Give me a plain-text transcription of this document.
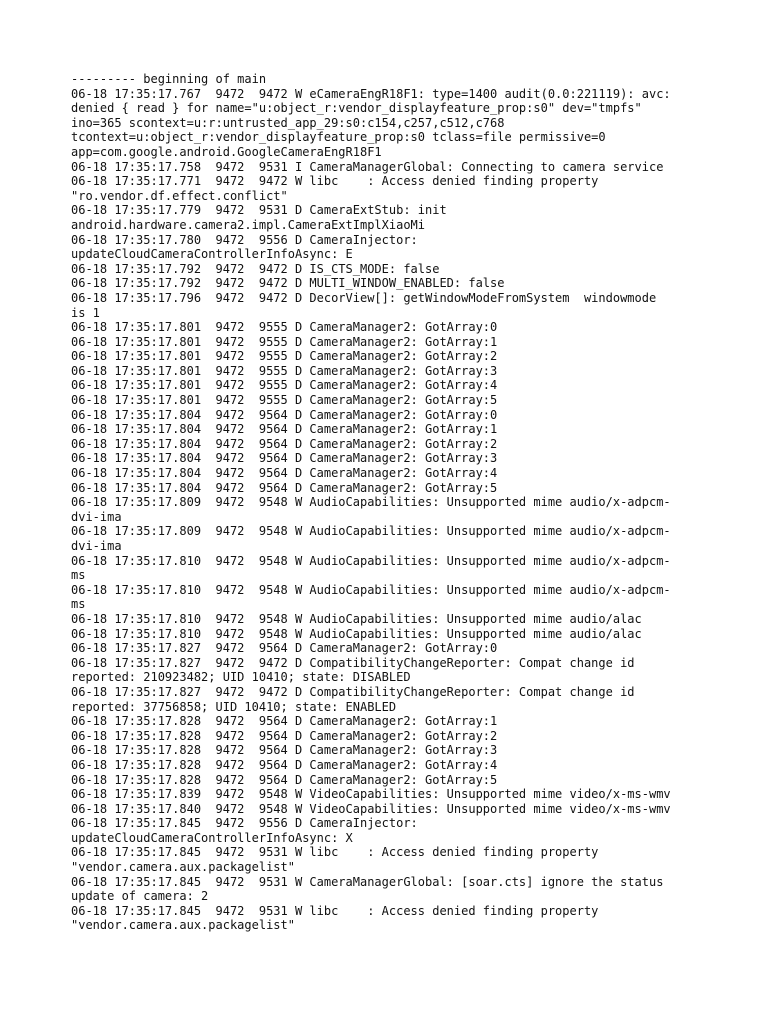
--------- beginning of main
06-18 17:35:17.767  9472  9472 W eCameraEngR18F1: type=1400 audit(0.0:221119): avc:
denied { read } for name="u:object_r:vendor_displayfeature_prop:s0" dev="tmpfs"
ino=365 scontext=u:r:untrusted_app_29:s0:c154,c257,c512,c768
tcontext=u:object_r:vendor_displayfeature_prop:s0 tclass=file permissive=0
app=com.google.android.GoogleCameraEngR18F1
06-18 17:35:17.758  9472  9531 I CameraManagerGlobal: Connecting to camera service
06-18 17:35:17.771  9472  9472 W libc    : Access denied finding property
"ro.vendor.df.effect.conflict"
06-18 17:35:17.779  9472  9531 D CameraExtStub: init
android.hardware.camera2.impl.CameraExtImplXiaoMi
06-18 17:35:17.780  9472  9556 D CameraInjector:
updateCloudCameraControllerInfoAsync: E
06-18 17:35:17.792  9472  9472 D IS_CTS_MODE: false
06-18 17:35:17.792  9472  9472 D MULTI_WINDOW_ENABLED: false
06-18 17:35:17.796  9472  9472 D DecorView[]: getWindowModeFromSystem  windowmode
is 1
06-18 17:35:17.801  9472  9555 D CameraManager2: GotArray:0
06-18 17:35:17.801  9472  9555 D CameraManager2: GotArray:1
06-18 17:35:17.801  9472  9555 D CameraManager2: GotArray:2
06-18 17:35:17.801  9472  9555 D CameraManager2: GotArray:3
06-18 17:35:17.801  9472  9555 D CameraManager2: GotArray:4
06-18 17:35:17.801  9472  9555 D CameraManager2: GotArray:5
06-18 17:35:17.804  9472  9564 D CameraManager2: GotArray:0
06-18 17:35:17.804  9472  9564 D CameraManager2: GotArray:1
06-18 17:35:17.804  9472  9564 D CameraManager2: GotArray:2
06-18 17:35:17.804  9472  9564 D CameraManager2: GotArray:3
06-18 17:35:17.804  9472  9564 D CameraManager2: GotArray:4
06-18 17:35:17.804  9472  9564 D CameraManager2: GotArray:5
06-18 17:35:17.809  9472  9548 W AudioCapabilities: Unsupported mime audio/x-adpcm-
dvi-ima
06-18 17:35:17.809  9472  9548 W AudioCapabilities: Unsupported mime audio/x-adpcm-
dvi-ima
06-18 17:35:17.810  9472  9548 W AudioCapabilities: Unsupported mime audio/x-adpcm-
ms
06-18 17:35:17.810  9472  9548 W AudioCapabilities: Unsupported mime audio/x-adpcm-
ms
06-18 17:35:17.810  9472  9548 W AudioCapabilities: Unsupported mime audio/alac
06-18 17:35:17.810  9472  9548 W AudioCapabilities: Unsupported mime audio/alac
06-18 17:35:17.827  9472  9564 D CameraManager2: GotArray:0
06-18 17:35:17.827  9472  9472 D CompatibilityChangeReporter: Compat change id
reported: 210923482; UID 10410; state: DISABLED
06-18 17:35:17.827  9472  9472 D CompatibilityChangeReporter: Compat change id
reported: 37756858; UID 10410; state: ENABLED
06-18 17:35:17.828  9472  9564 D CameraManager2: GotArray:1
06-18 17:35:17.828  9472  9564 D CameraManager2: GotArray:2
06-18 17:35:17.828  9472  9564 D CameraManager2: GotArray:3
06-18 17:35:17.828  9472  9564 D CameraManager2: GotArray:4
06-18 17:35:17.828  9472  9564 D CameraManager2: GotArray:5
06-18 17:35:17.839  9472  9548 W VideoCapabilities: Unsupported mime video/x-ms-wmv
06-18 17:35:17.840  9472  9548 W VideoCapabilities: Unsupported mime video/x-ms-wmv
06-18 17:35:17.845  9472  9556 D CameraInjector:
updateCloudCameraControllerInfoAsync: X
06-18 17:35:17.845  9472  9531 W libc    : Access denied finding property
"vendor.camera.aux.packagelist"
06-18 17:35:17.845  9472  9531 W CameraManagerGlobal: [soar.cts] ignore the status
update of camera: 2
06-18 17:35:17.845  9472  9531 W libc    : Access denied finding property
"vendor.camera.aux.packagelist"
